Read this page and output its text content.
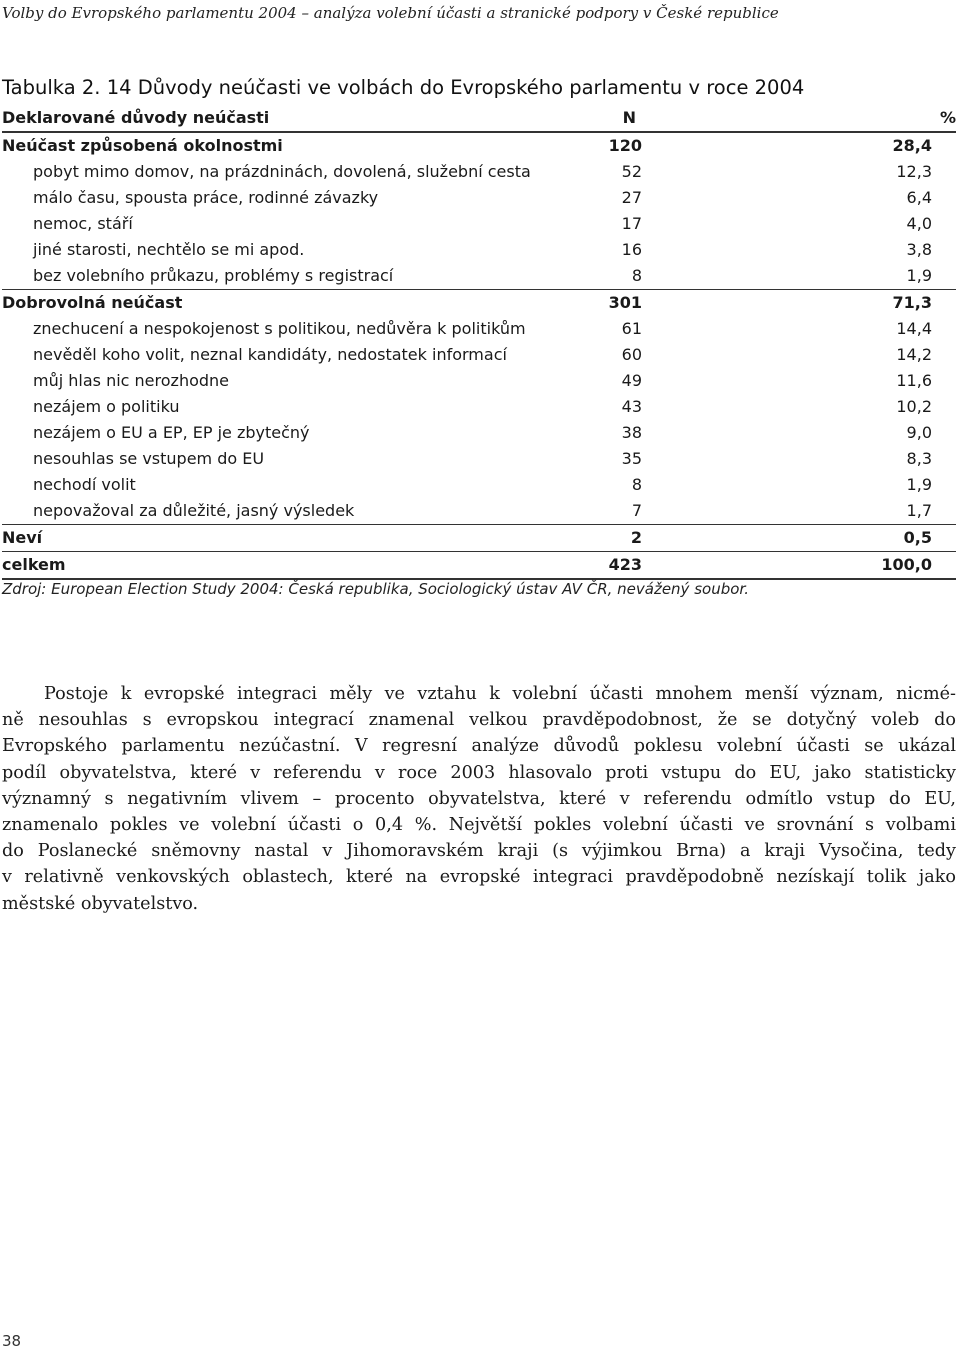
Volby do Evropského parlamentu 2004 – analýza volební účasti a stranické podpory v České republice
Tabulka 2. 14 Důvody neúčasti ve volbách do Evropského parlamentu v roce 2004
Deklarované důvody neúčasti	N	%
Neúčast způsobená okolnostmi	120	28,4
pobyt mimo domov, na prázdninách, dovolená, služební cesta	52	12,3
málo času, spousta práce, rodinné závazky	27	6,4
nemoc, stáří	17	4,0
jiné starosti, nechtělo se mi apod.	16	3,8
bez volebního průkazu, problémy s registrací	8	1,9
Dobrovolná neúčast	301	71,3
znechucení a nespokojenost s politikou, nedůvěra k politikům	61	14,4
nevěděl koho volit, neznal kandidáty, nedostatek informací	60	14,2
můj hlas nic nerozhodne	49	11,6
nezájem o politiku	43	10,2
nezájem o EU a EP, EP je zbytečný	38	9,0
nesouhlas se vstupem do EU	35	8,3
nechodí volit	8	1,9
nepovažoval za důležité, jasný výsledek	7	1,7
Neví	2	0,5
celkem	423	100,0
Zdroj: European Election Study 2004: Česká republika, Sociologický ústav AV ČR, nevážený soubor.
Postoje k evropské integraci měly ve vztahu k volební účasti mnohem menší význam, nicmé-
ně nesouhlas s evropskou integrací znamenal velkou pravděpodobnost, že se dotyčný voleb do
Evropského parlamentu nezúčastní. V regresní analýze důvodů poklesu volební účasti se ukázal
podíl obyvatelstva, které v referendu v roce 2003 hlasovalo proti vstupu do EU, jako statisticky
významný s negativním vlivem – procento obyvatelstva, které v referendu odmítlo vstup do EU,
znamenalo pokles ve volební účasti o 0,4 %. Největší pokles volební účasti ve srovnání s volbami
do Poslanecké sněmovny nastal v Jihomoravském kraji (s výjimkou Brna) a kraji Vysočina, tedy
v relativně venkovských oblastech, které na evropské integraci pravděpodobně nezískají tolik jako
městské obyvatelstvo.
38
